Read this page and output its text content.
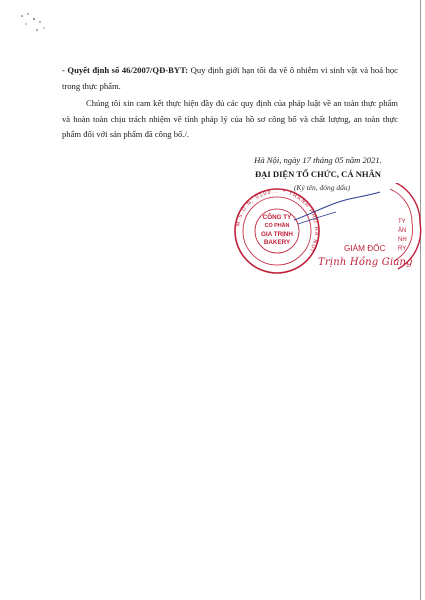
- Quyết định số 46/2007/QĐ-BYT: Quy định giới hạn tối đa về ô nhiễm vi sinh vật và hoá học trong thực phẩm.
Chúng tôi xin cam kết thực hiện đầy đủ các quy định của pháp luật về an toàn thực phẩm và hoàn toàn chịu trách nhiệm về tính pháp lý của hồ sơ công bố và chất lượng, an toàn thực phẩm đối với sản phẩm đã công bố./.
Hà Nội, ngày 17 tháng 05 năm 2021.
ĐẠI DIỆN TỔ CHỨC, CÁ NHÂN
(Ký tên, đóng dấu)
TY
ẦN
NH
RY
M.S.D.N: 0108... * THÀNH PHỐ HÀ NỘI
CÔNG TY
CỔ PHẦN
GIA TRỊNH
BAKERY
GIÁM ĐỐC
Trịnh Hồng Giang
